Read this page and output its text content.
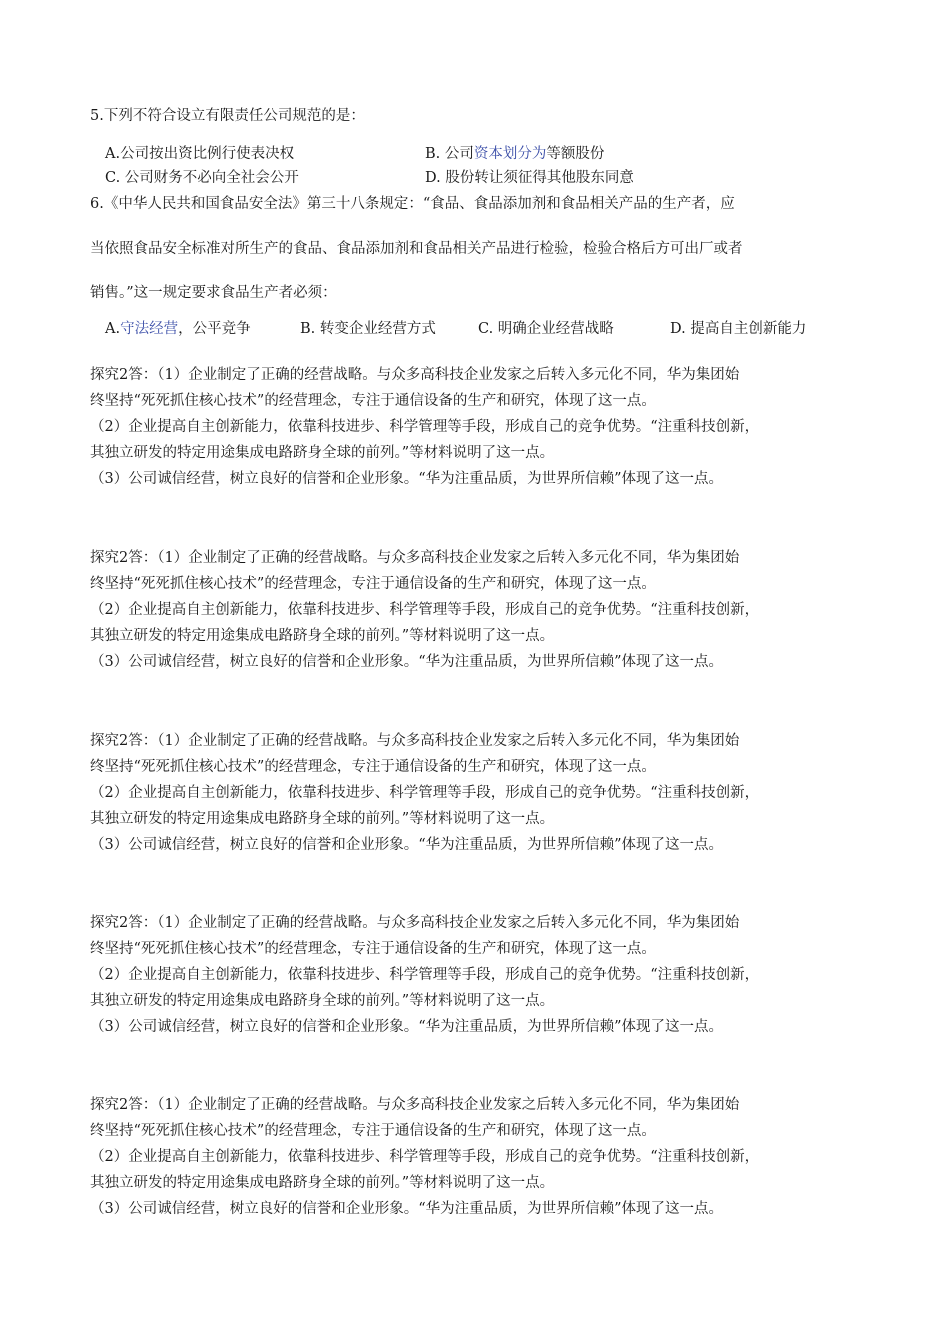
5.下列不符合设立有限责任公司规范的是：
A.公司按出资比例行使表决权	B. 公司资本划分为等额股份
C. 公司财务不必向全社会公开	D. 股份转让须征得其他股东同意
6.《中华人民共和国食品安全法》第三十八条规定：“食品、食品添加剂和食品相关产品的生产者，应
当依照食品安全标准对所生产的食品、食品添加剂和食品相关产品进行检验，检验合格后方可出厂或者
销售。”这一规定要求食品生产者必须：
A.守法经营，公平竞争	B. 转变企业经营方式	C. 明确企业经营战略	D. 提高自主创新能力
探究2答：（1）企业制定了正确的经营战略。与众多高科技企业发家之后转入多元化不同，华为集团始
终坚持“死死抓住核心技术”的经营理念，专注于通信设备的生产和研究，体现了这一点。
（2）企业提高自主创新能力，依靠科技进步、科学管理等手段，形成自己的竞争优势。“注重科技创新，
其独立研发的特定用途集成电路跻身全球的前列。”等材料说明了这一点。
（3）公司诚信经营，树立良好的信誉和企业形象。“华为注重品质，为世界所信赖”体现了这一点。
探究2答：（1）企业制定了正确的经营战略。与众多高科技企业发家之后转入多元化不同，华为集团始
终坚持“死死抓住核心技术”的经营理念，专注于通信设备的生产和研究，体现了这一点。
（2）企业提高自主创新能力，依靠科技进步、科学管理等手段，形成自己的竞争优势。“注重科技创新，
其独立研发的特定用途集成电路跻身全球的前列。”等材料说明了这一点。
（3）公司诚信经营，树立良好的信誉和企业形象。“华为注重品质，为世界所信赖”体现了这一点。
探究2答：（1）企业制定了正确的经营战略。与众多高科技企业发家之后转入多元化不同，华为集团始
终坚持“死死抓住核心技术”的经营理念，专注于通信设备的生产和研究，体现了这一点。
（2）企业提高自主创新能力，依靠科技进步、科学管理等手段，形成自己的竞争优势。“注重科技创新，
其独立研发的特定用途集成电路跻身全球的前列。”等材料说明了这一点。
（3）公司诚信经营，树立良好的信誉和企业形象。“华为注重品质，为世界所信赖”体现了这一点。
探究2答：（1）企业制定了正确的经营战略。与众多高科技企业发家之后转入多元化不同，华为集团始
终坚持“死死抓住核心技术”的经营理念，专注于通信设备的生产和研究，体现了这一点。
（2）企业提高自主创新能力，依靠科技进步、科学管理等手段，形成自己的竞争优势。“注重科技创新，
其独立研发的特定用途集成电路跻身全球的前列。”等材料说明了这一点。
（3）公司诚信经营，树立良好的信誉和企业形象。“华为注重品质，为世界所信赖”体现了这一点。
探究2答：（1）企业制定了正确的经营战略。与众多高科技企业发家之后转入多元化不同，华为集团始
终坚持“死死抓住核心技术”的经营理念，专注于通信设备的生产和研究，体现了这一点。
（2）企业提高自主创新能力，依靠科技进步、科学管理等手段，形成自己的竞争优势。“注重科技创新，
其独立研发的特定用途集成电路跻身全球的前列。”等材料说明了这一点。
（3）公司诚信经营，树立良好的信誉和企业形象。“华为注重品质，为世界所信赖”体现了这一点。
